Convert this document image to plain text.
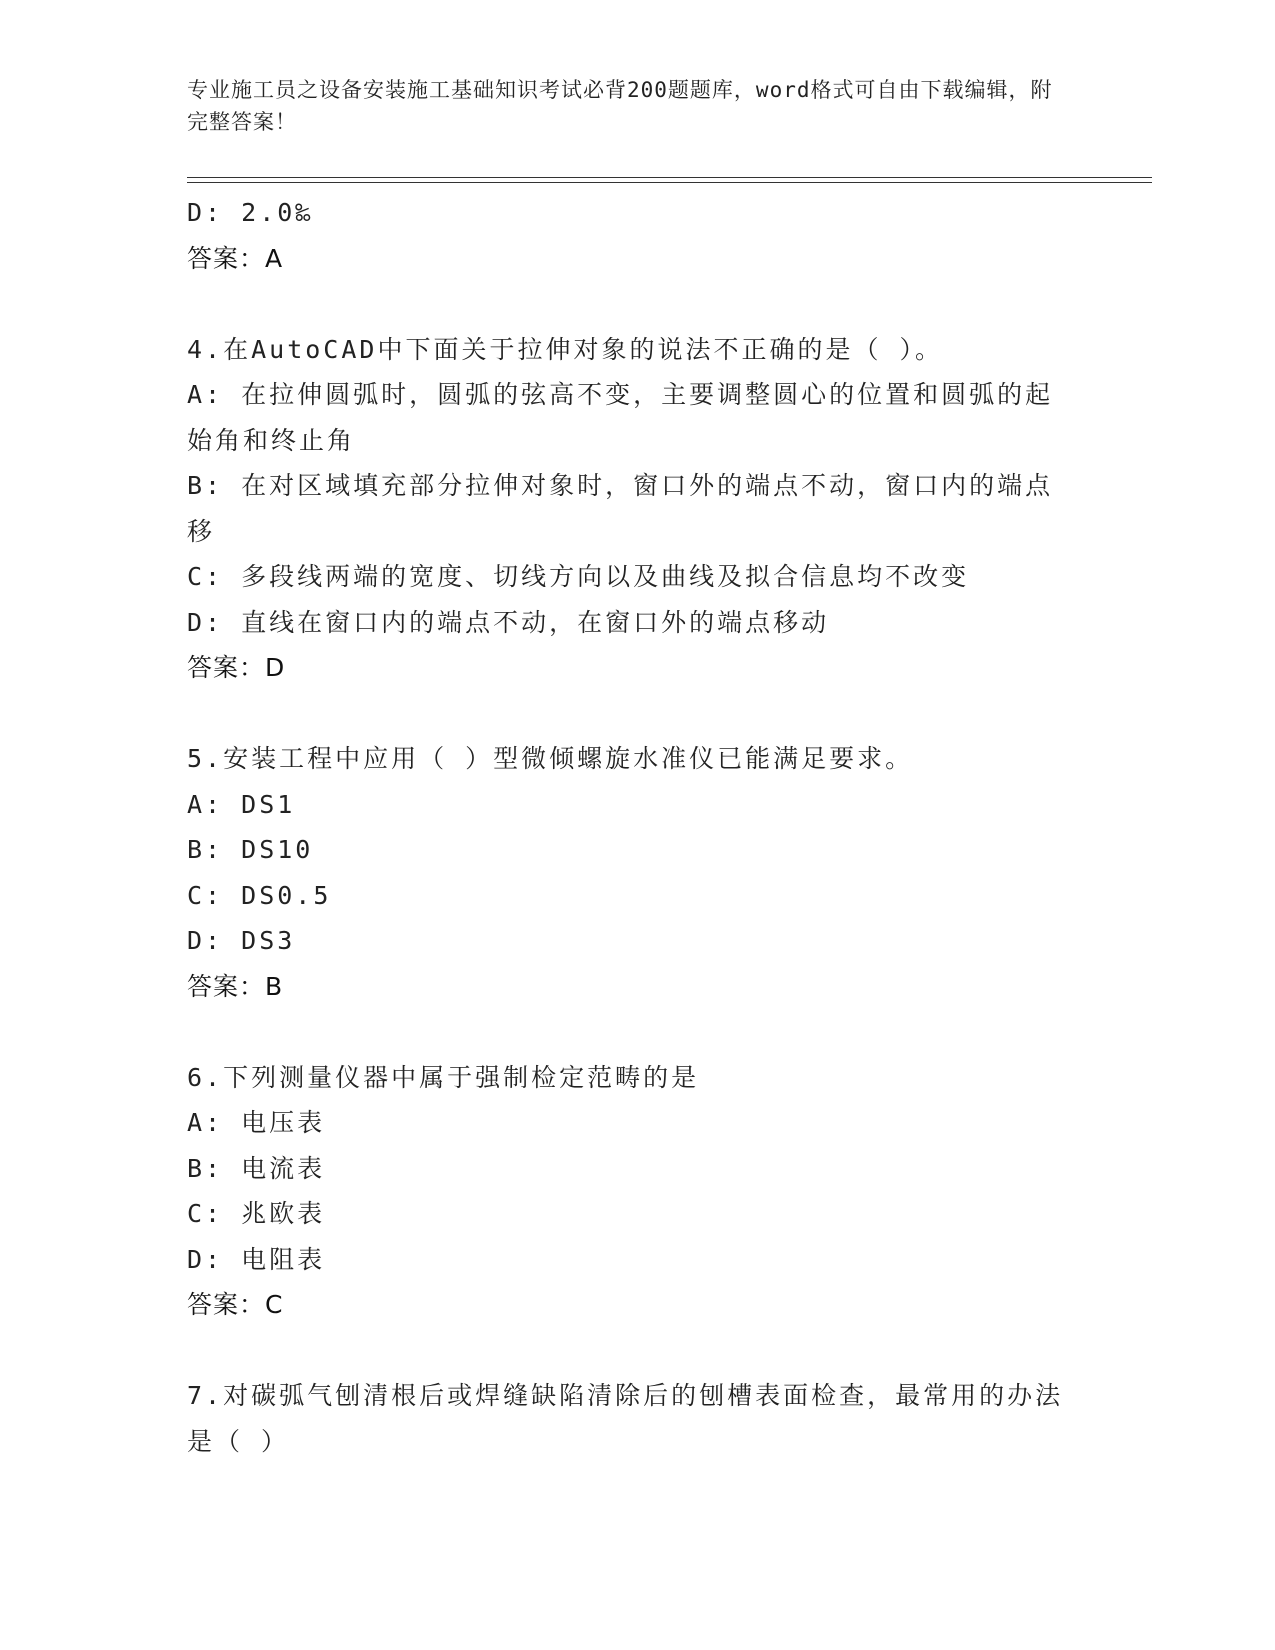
专业施工员之设备安装施工基础知识考试必背200题题库，word格式可自由下载编辑，附完整答案！
D: 2.0‰
答案：A
4.在AutoCAD中下面关于拉伸对象的说法不正确的是（ ）。
A: 在拉伸圆弧时，圆弧的弦高不变，主要调整圆心的位置和圆弧的起始角和终止角
B: 在对区域填充部分拉伸对象时，窗口外的端点不动，窗口内的端点移
C: 多段线两端的宽度、切线方向以及曲线及拟合信息均不改变
D: 直线在窗口内的端点不动，在窗口外的端点移动
答案：D
5.安装工程中应用（ ）型微倾螺旋水准仪已能满足要求。
A: DS1
B: DS10
C: DS0.5
D: DS3
答案：B
6.下列测量仪器中属于强制检定范畴的是
A: 电压表
B: 电流表
C: 兆欧表
D: 电阻表
答案：C
7.对碳弧气刨清根后或焊缝缺陷清除后的刨槽表面检查，最常用的办法是（ ）
